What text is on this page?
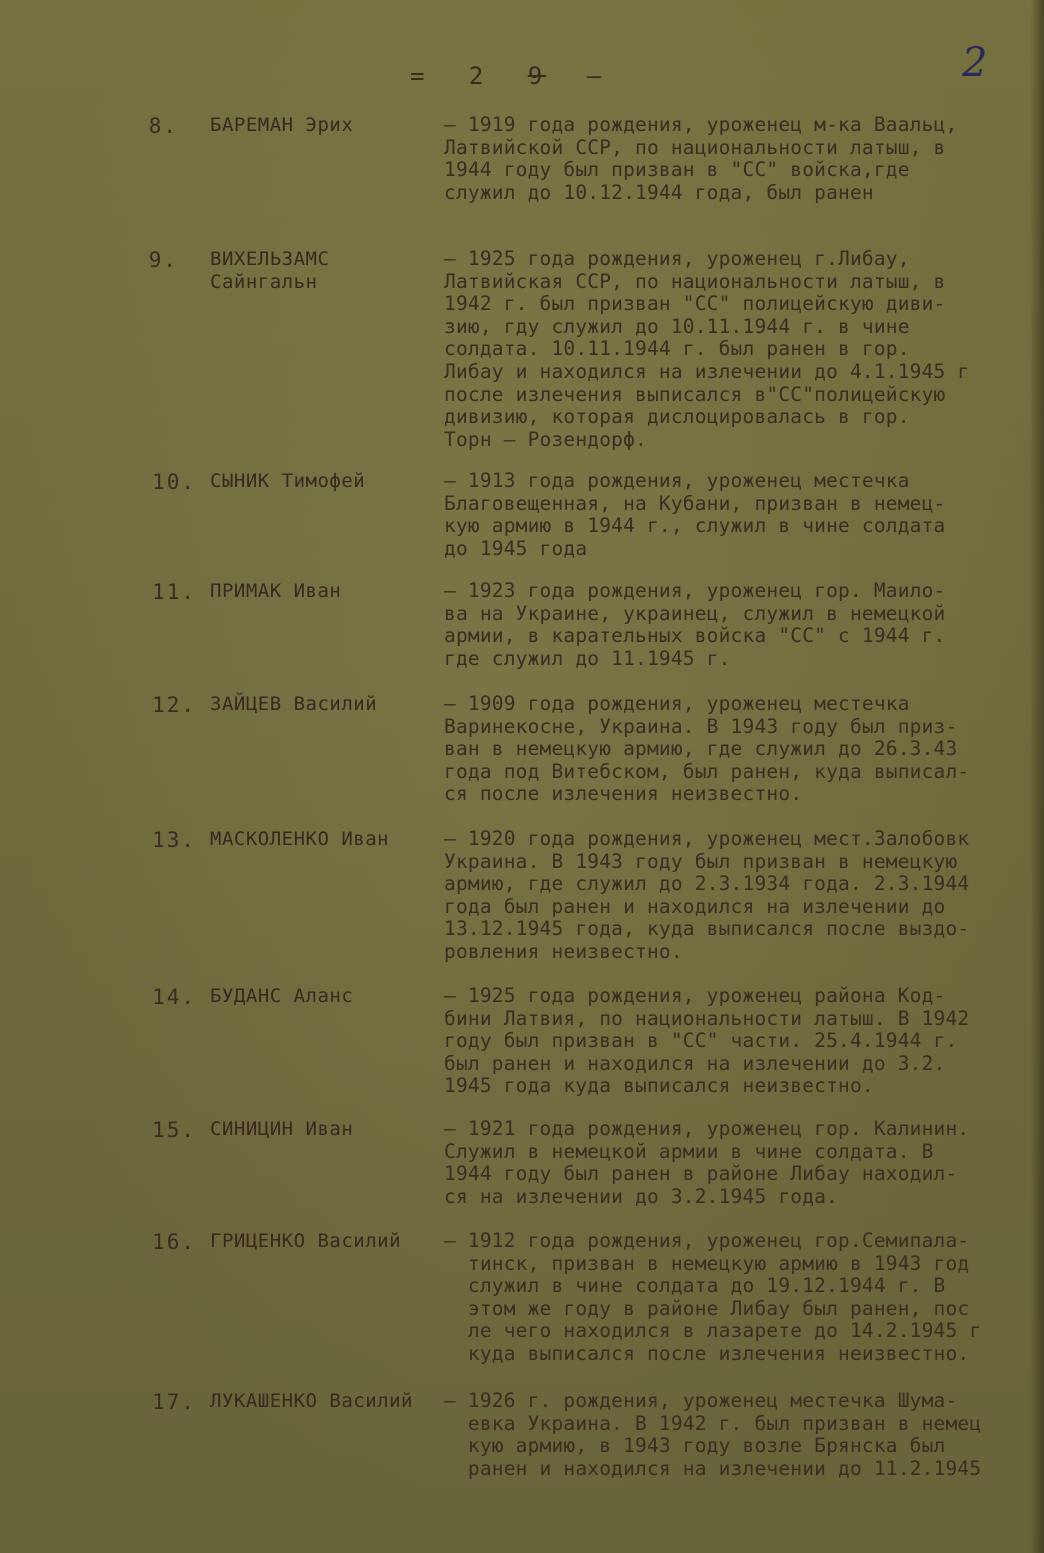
= 2 9 –	2
8. БАРЕМАН Эрих	– 1919 года рождения, уроженец м-ка Ваальц,
Латвийской ССР, по национальности латыш, в
1944 году был призван в "СС" войска,где
служил до 10.12.1944 года, был ранен
9. ВИХЕЛЬЗАМС Сайнгальн
– 1925 года рождения, уроженец г.Либау,
Латвийская ССР, по национальности латыш, в
1942 г. был призван "СС" полицейскую диви-
зию, гду служил до 10.11.1944 г. в чине
солдата. 10.11.1944 г. был ранен в гор.
Либау и находился на излечении до 4.1.1945 г
после излечения выписался в"СС"полицейскую
дивизию, которая дислоцировалась в гор.
Торн – Розендорф.
10. СЫНИК Тимофей	– 1913 года рождения, уроженец местечка
Благовещенная, на Кубани, призван в немец-
кую армию в 1944 г., служил в чине солдата
до 1945 года
11. ПРИМАК Иван	– 1923 года рождения, уроженец гор. Маило-
ва на Украине, украинец, служил в немецкой
армии, в карательных войска "СС" с 1944 г.
где служил до 11.1945 г.
12. ЗАЙЦЕВ Василий	– 1909 года рождения, уроженец местечка
Варинекосне, Украина. В 1943 году был приз-
ван в немецкую армию, где служил до 26.3.43
года под Витебском, был ранен, куда выписал-
ся после излечения неизвестно.
13. МАСКОЛЕНКО Иван	– 1920 года рождения, уроженец мест.Залобовк
Украина. В 1943 году был призван в немецкую
армию, где служил до 2.3.1934 года. 2.3.1944
года был ранен и находился на излечении до
13.12.1945 года, куда выписался после выздо-
ровления неизвестно.
14. БУДАНС Аланс	– 1925 года рождения, уроженец района Код-
бини Латвия, по национальности латыш. В 1942
году был призван в "СС" части. 25.4.1944 г.
был ранен и находился на излечении до 3.2.
1945 года куда выписался неизвестно.
15. СИНИЦИН Иван	– 1921 года рождения, уроженец гор. Калинин.
Служил в немецкой армии в чине солдата. В
1944 году был ранен в районе Либау находил-
ся на излечении до 3.2.1945 года.
16. ГРИЦЕНКО Василий	– 1912 года рождения, уроженец гор.Семипала-
тинск, призван в немецкую армию в 1943 год
служил в чине солдата до 19.12.1944 г. В
этом же году в районе Либау был ранен, пос
ле чего находился в лазарете до 14.2.1945 г
куда выписался после излечения неизвестно.
17. ЛУКАШЕНКО Василий	– 1926 г. рождения, уроженец местечка Шума-
евка Украина. В 1942 г. был призван в немец
кую армию, в 1943 году возле Брянска был
ранен и находился на излечении до 11.2.1945
